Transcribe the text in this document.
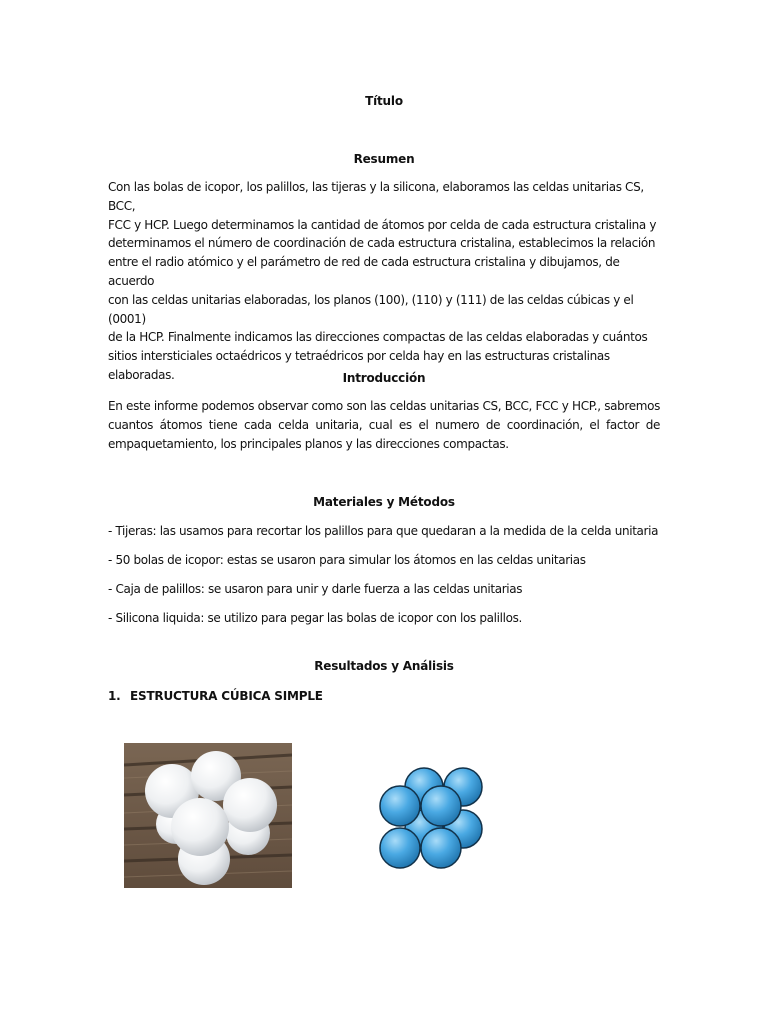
Título

Resumen

Con las bolas de icopor, los palillos, las tijeras y la silicona, elaboramos las celdas unitarias CS, BCC,
FCC y HCP. Luego determinamos la cantidad de átomos por celda de cada estructura cristalina y
determinamos el número de coordinación de cada estructura cristalina, establecimos la relación
entre el radio atómico y el parámetro de red de cada estructura cristalina y dibujamos, de acuerdo
con las celdas unitarias elaboradas, los planos (100), (110) y (111) de las celdas cúbicas y el (0001)
de la HCP. Finalmente indicamos las direcciones compactas de las celdas elaboradas y cuántos
sitios intersticiales octaédricos y tetraédricos por celda hay en las estructuras cristalinas
elaboradas.	Introducción

En este informe podemos observar como son las celdas unitarias CS, BCC, FCC y HCP., sabremos cuantos átomos tiene cada celda unitaria, cual es el numero de coordinación, el factor de empaquetamiento, los principales planos y las direcciones compactas.

Materiales y Métodos

- Tijeras: las usamos para recortar los palillos para que quedaran a la medida de la celda unitaria

- 50 bolas de icopor: estas se usaron para simular los átomos en las celdas unitarias

- Caja de palillos: se usaron para unir y darle fuerza a las celdas unitarias

- Silicona liquida: se utilizo para pegar las bolas de icopor con los palillos.

Resultados y Análisis

1. ESTRUCTURA CÚBICA SIMPLE
